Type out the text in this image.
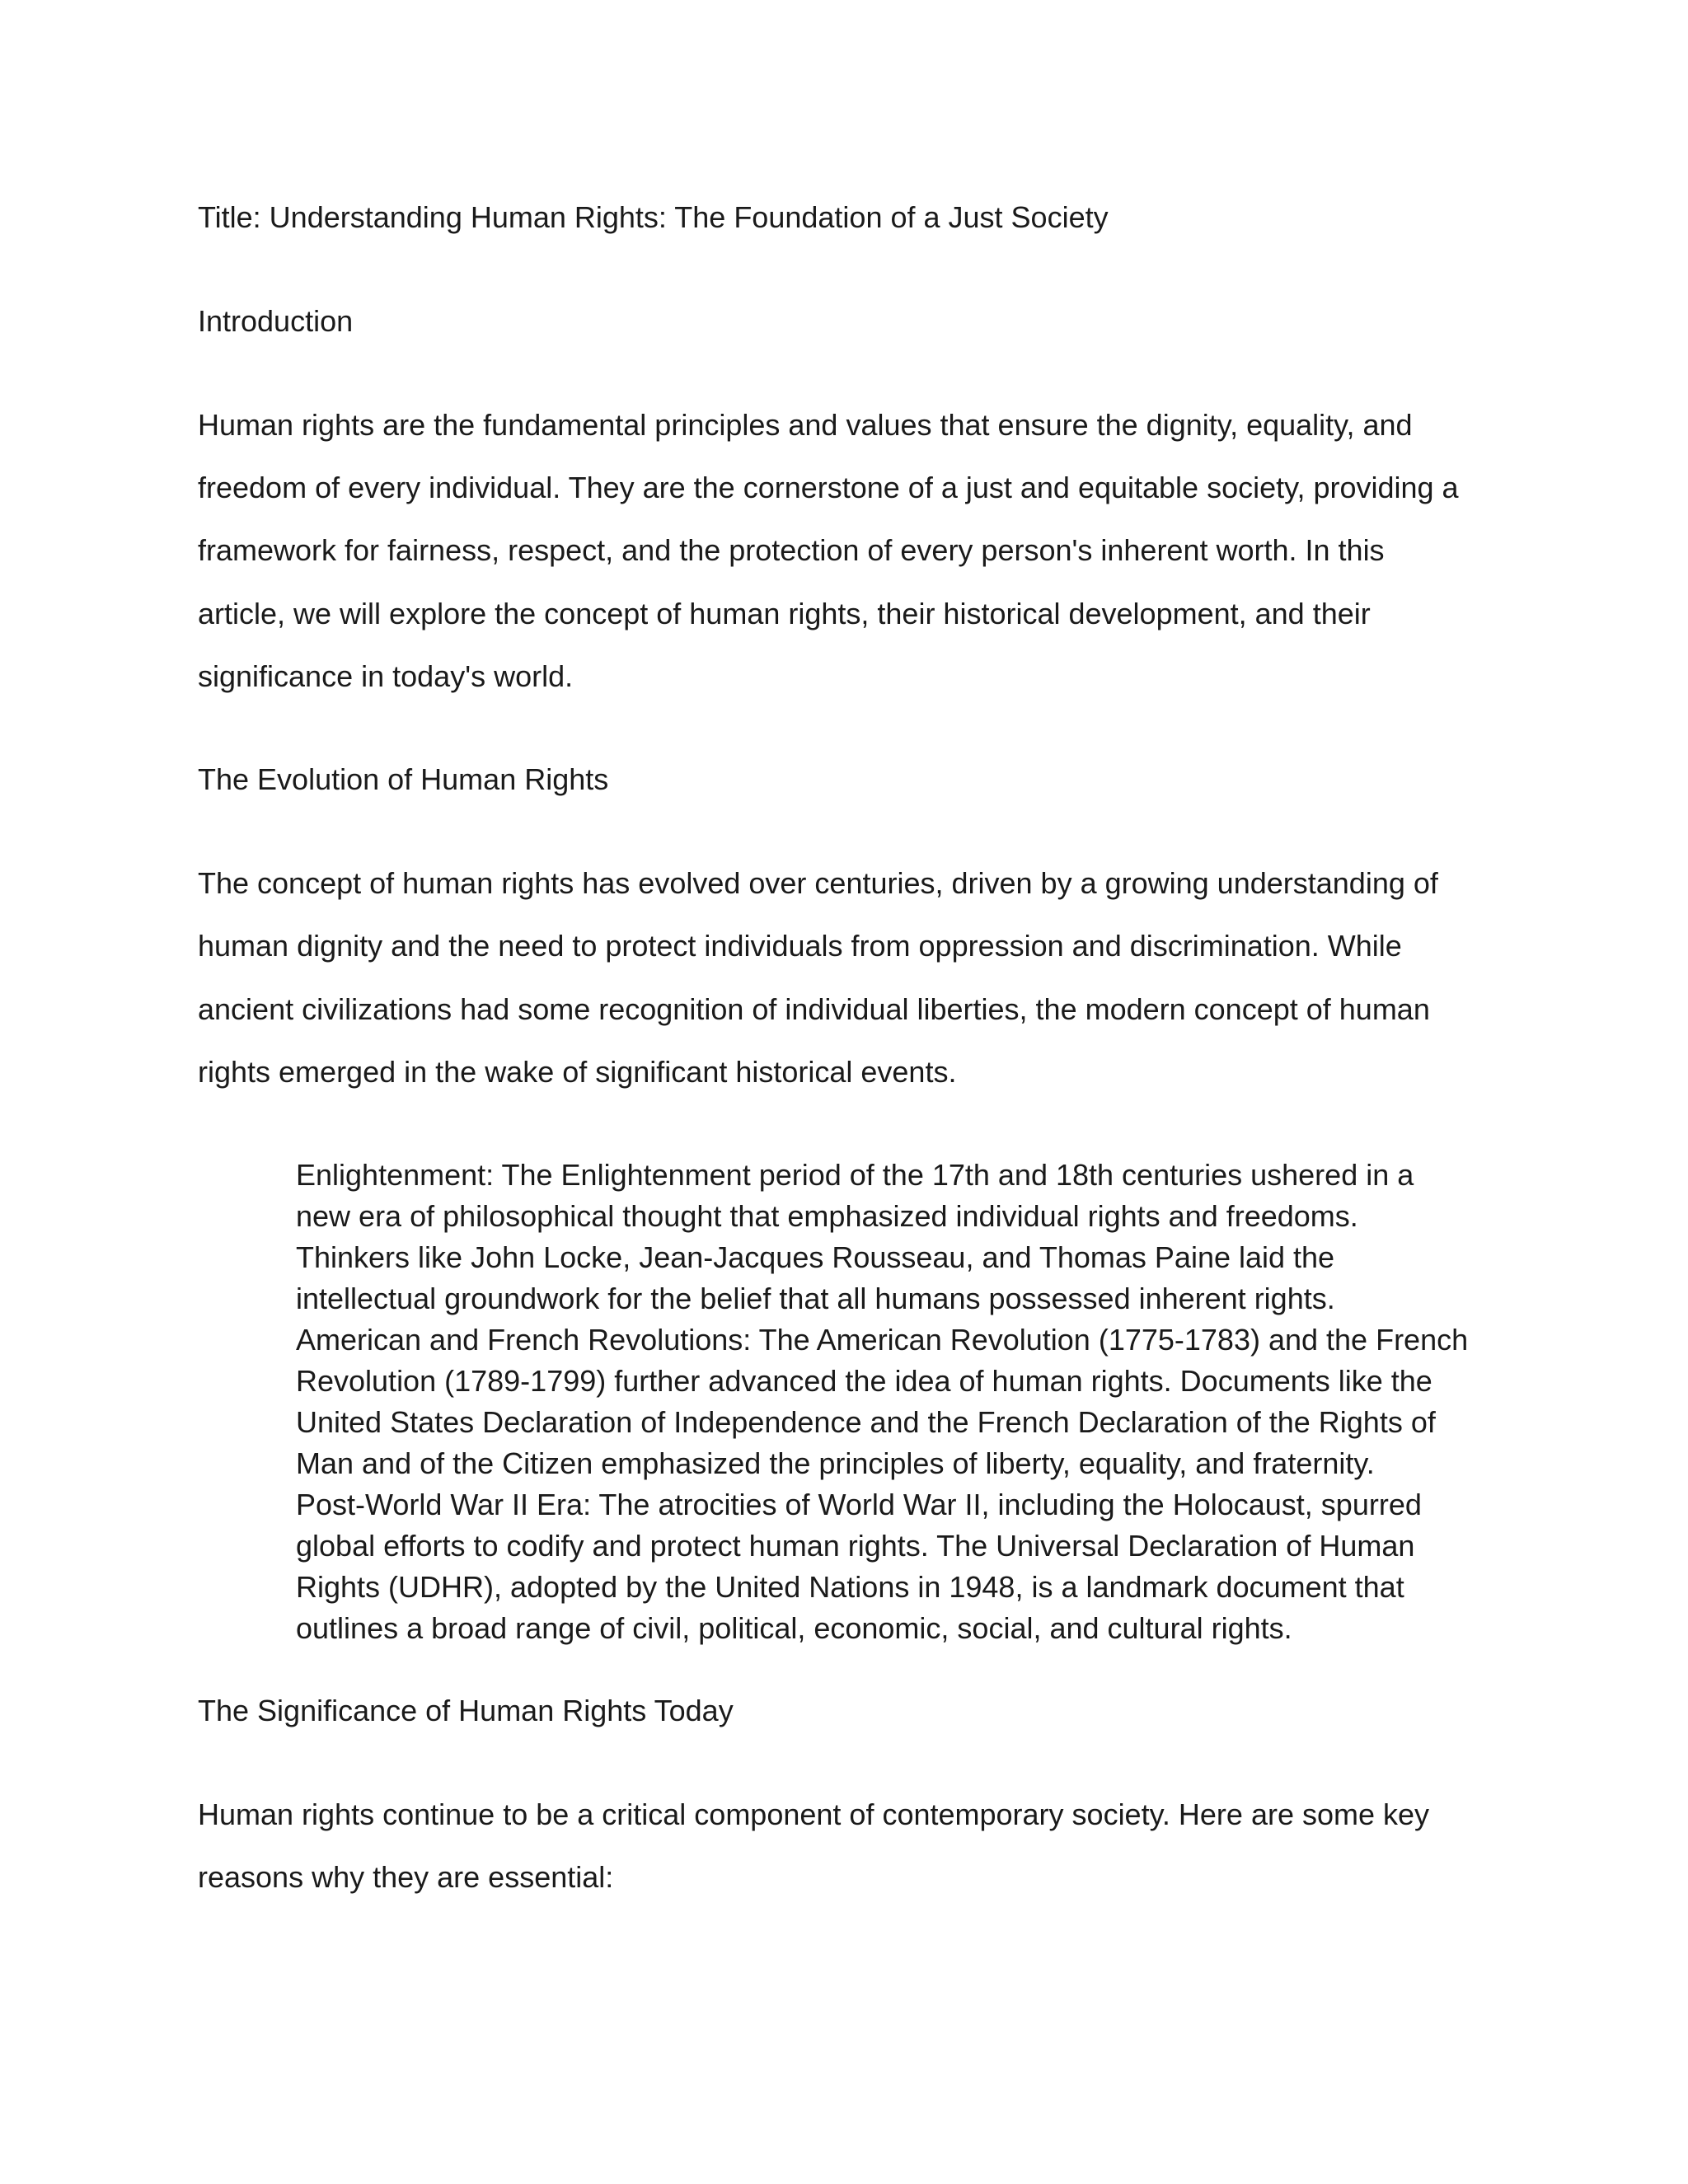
Title: Understanding Human Rights: The Foundation of a Just Society

Introduction

Human rights are the fundamental principles and values that ensure the dignity, equality, and

freedom of every individual. They are the cornerstone of a just and equitable society, providing a

framework for fairness, respect, and the protection of every person's inherent worth. In this

article, we will explore the concept of human rights, their historical development, and their

significance in today's world.

The Evolution of Human Rights

The concept of human rights has evolved over centuries, driven by a growing understanding of

human dignity and the need to protect individuals from oppression and discrimination. While

ancient civilizations had some recognition of individual liberties, the modern concept of human

rights emerged in the wake of significant historical events.

Enlightenment: The Enlightenment period of the 17th and 18th centuries ushered in a

new era of philosophical thought that emphasized individual rights and freedoms.

Thinkers like John Locke, Jean-Jacques Rousseau, and Thomas Paine laid the

intellectual groundwork for the belief that all humans possessed inherent rights.

American and French Revolutions: The American Revolution (1775-1783) and the French

Revolution (1789-1799) further advanced the idea of human rights. Documents like the

United States Declaration of Independence and the French Declaration of the Rights of

Man and of the Citizen emphasized the principles of liberty, equality, and fraternity.

Post-World War II Era: The atrocities of World War II, including the Holocaust, spurred

global efforts to codify and protect human rights. The Universal Declaration of Human

Rights (UDHR), adopted by the United Nations in 1948, is a landmark document that

outlines a broad range of civil, political, economic, social, and cultural rights.

The Significance of Human Rights Today

Human rights continue to be a critical component of contemporary society. Here are some key

reasons why they are essential:
